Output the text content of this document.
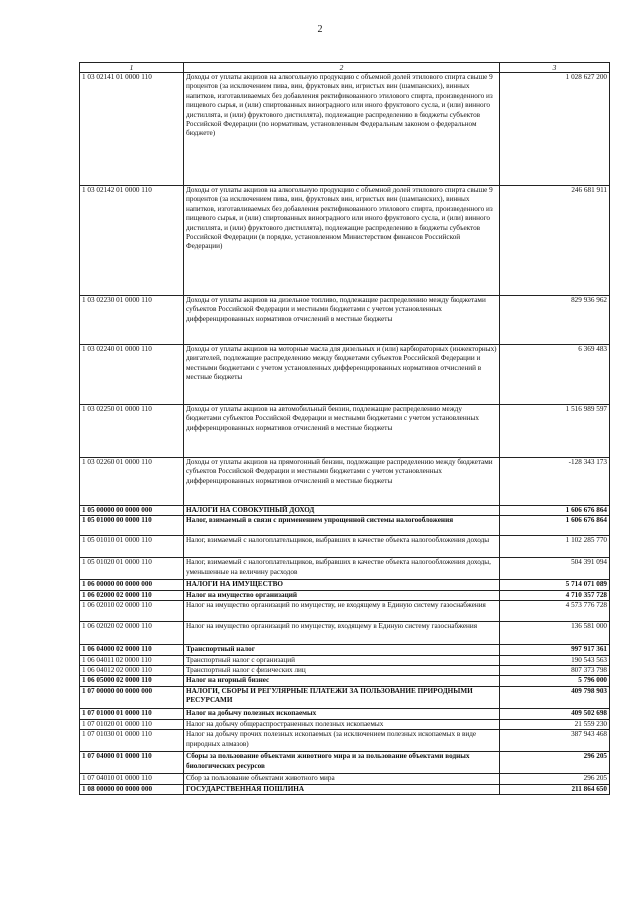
2
1	2	3
1 03 02141 01 0000 110	Доходы от уплаты акцизов на алкогольную продукцию с объемной долей этилового спирта свыше 9 процентов (за исключением пива, вин, фруктовых вин, игристых вин (шампанских), винных напитков, изготавливаемых без добавления ректификованного этилового спирта, произведенного из пищевого сырья, и (или) спиртованных виноградного или иного фруктового сусла, и (или) винного дистиллята, и (или) фруктового дистиллята), подлежащие распределению в бюджеты субъектов Российской Федерации (по нормативам, установленным Федеральным законом о федеральном бюджете)	1 028 627 200
1 03 02142 01 0000 110	Доходы от уплаты акцизов на алкогольную продукцию с объемной долей этилового спирта свыше 9 процентов (за исключением пива, вин, фруктовых вин, игристых вин (шампанских), винных напитков, изготавливаемых без добавления ректификованного этилового спирта, произведенного из пищевого сырья, и (или) спиртованных виноградного или иного фруктового сусла, и (или) винного дистиллята, и (или) фруктового дистиллята), подлежащие распределению в бюджеты субъектов Российской Федерации (в порядке, установленном Министерством финансов Российской Федерации)	246 681 911
1 03 02230 01 0000 110	Доходы от уплаты акцизов на дизельное топливо, подлежащие распределению между бюджетами субъектов Российской Федерации и местными бюджетами с учетом установленных дифференцированных нормативов отчислений в местные бюджеты	829 936 962
1 03 02240 01 0000 110	Доходы от уплаты акцизов на моторные масла для дизельных и (или) карбюраторных (инжекторных) двигателей, подлежащие распределению между бюджетами субъектов Российской Федерации и местными бюджетами с учетом установленных дифференцированных нормативов отчислений в местные бюджеты	6 369 483
1 03 02250 01 0000 110	Доходы от уплаты акцизов на автомобильный бензин, подлежащие распределению между бюджетами субъектов Российской Федерации и местными бюджетами с учетом установленных дифференцированных нормативов отчислений в местные бюджеты	1 516 989 597
1 03 02260 01 0000 110	Доходы от уплаты акцизов на прямогонный бензин, подлежащие распределению между бюджетами субъектов Российской Федерации и местными бюджетами с учетом установленных дифференцированных нормативов отчислений в местные бюджеты	-128 343 173
1 05 00000 00 0000 000	НАЛОГИ НА СОВОКУПНЫЙ ДОХОД	1 606 676 864
1 05 01000 00 0000 110	Налог, взимаемый в связи с применением упрощенной системы налогообложения	1 606 676 864
1 05 01010 01 0000 110	Налог, взимаемый с налогоплательщиков, выбравших в качестве объекта налогообложения доходы	1 102 285 770
1 05 01020 01 0000 110	Налог, взимаемый с налогоплательщиков, выбравших в качестве объекта налогообложения доходы, уменьшенные на величину расходов	504 391 094
1 06 00000 00 0000 000	НАЛОГИ НА ИМУЩЕСТВО	5 714 071 089
1 06 02000 02 0000 110	Налог на имущество организаций	4 710 357 728
1 06 02010 02 0000 110	Налог на имущество организаций по имуществу, не входящему в Единую систему газоснабжения	4 573 776 728
1 06 02020 02 0000 110	Налог на имущество организаций по имуществу, входящему в Единую систему газоснабжения	136 581 000
1 06 04000 02 0000 110	Транспортный налог	997 917 361
1 06 04011 02 0000 110	Транспортный налог с организаций	190 543 563
1 06 04012 02 0000 110	Транспортный налог с физических лиц	807 373 798
1 06 05000 02 0000 110	Налог на игорный бизнес	5 796 000
1 07 00000 00 0000 000	НАЛОГИ, СБОРЫ И РЕГУЛЯРНЫЕ ПЛАТЕЖИ ЗА ПОЛЬЗОВАНИЕ ПРИРОДНЫМИ РЕСУРСАМИ	409 798 903
1 07 01000 01 0000 110	Налог на добычу полезных ископаемых	409 502 698
1 07 01020 01 0000 110	Налог на добычу общераспространенных полезных ископаемых	21 559 230
1 07 01030 01 0000 110	Налог на добычу прочих полезных ископаемых (за исключением полезных ископаемых в виде природных алмазов)	387 943 468
1 07 04000 01 0000 110	Сборы за пользование объектами животного мира и за пользование объектами водных биологических ресурсов	296 205
1 07 04010 01 0000 110	Сбор за пользование объектами животного мира	296 205
1 08 00000 00 0000 000	ГОСУДАРСТВЕННАЯ ПОШЛИНА	211 864 650
